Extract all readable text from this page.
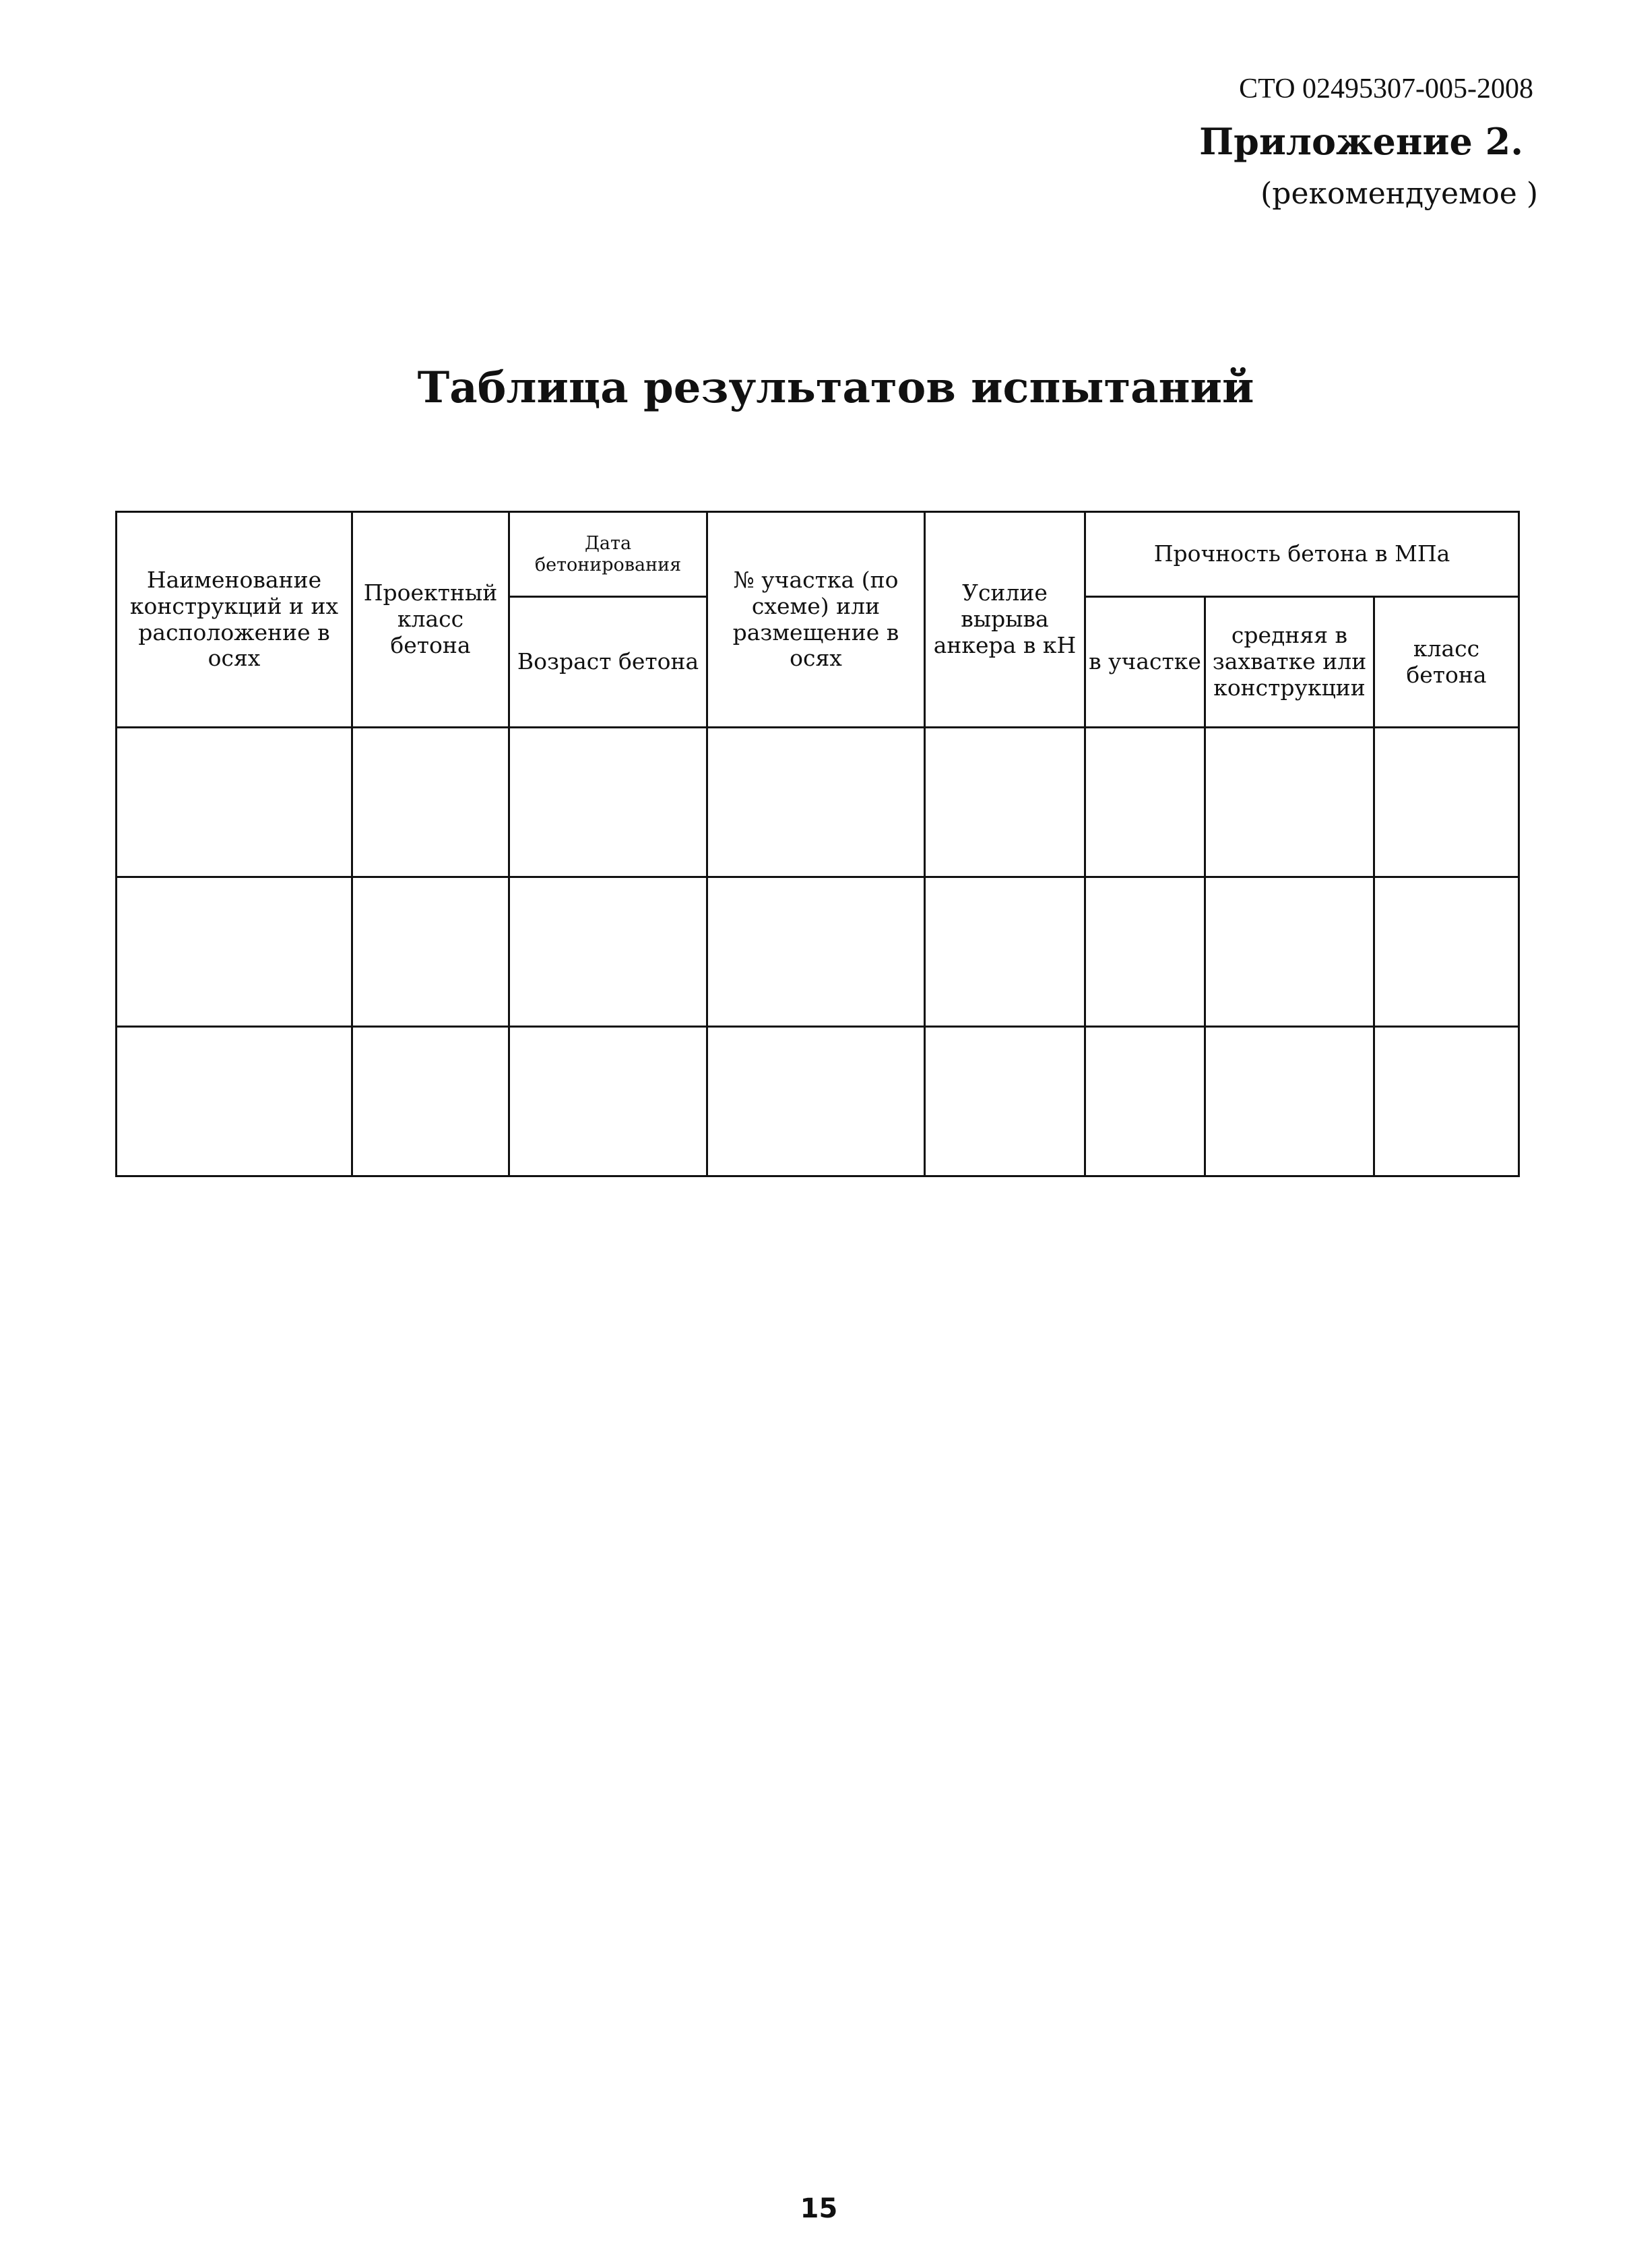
СТО 02495307-005-2008
Приложение 2.
(рекомендуемое )
Таблица результатов испытаний
Наименование конструкций и их расположение в осях	Проектный класс бетона	Дата бетонирования	№ участка (по схеме) или размещение в осях	Усилие вырыва анкера в кН	Прочность бетона в МПа		
		Возраст бетона			в участке	средняя в захватке или конструкции	класс бетона

15
